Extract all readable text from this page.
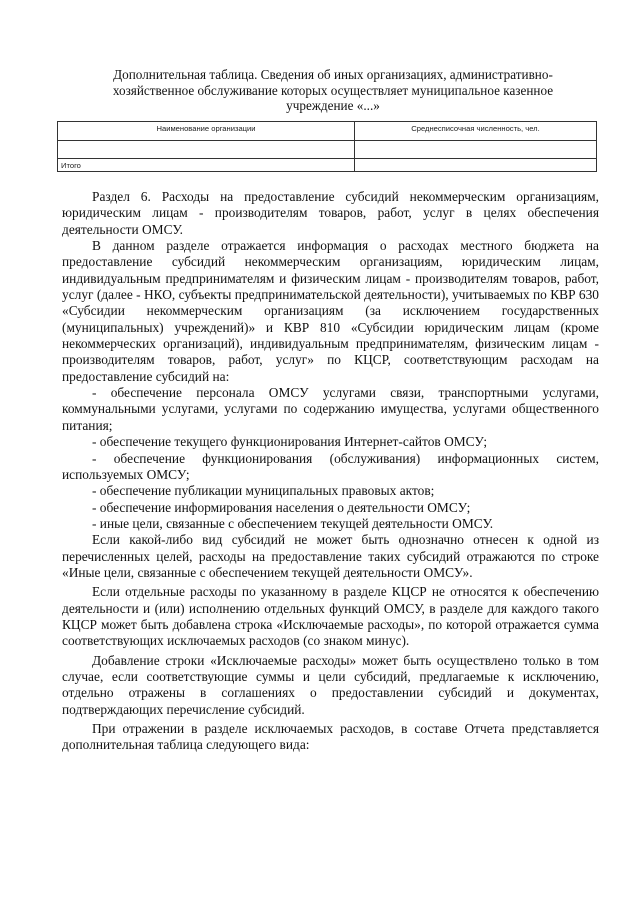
Дополнительная таблица. Сведения об иных организациях, административно-хозяйственное обслуживание которых осуществляет муниципальное казенное учреждение «...»
Наименование организации	Среднесписочная численность, чел.

Итого	

Раздел 6. Расходы на предоставление субсидий некоммерческим организациям, юридическим лицам - производителям товаров, работ, услуг в целях обеспечения деятельности ОМСУ.

В данном разделе отражается информация о расходах местного бюджета на предоставление субсидий некоммерческим организациям, юридическим лицам, индивидуальным предпринимателям и физическим лицам - производителям товаров, работ, услуг (далее - НКО, субъекты предпринимательской деятельности), учитываемых по КВР 630 «Субсидии некоммерческим организациям (за исключением государственных (муниципальных) учреждений)» и КВР 810 «Субсидии юридическим лицам (кроме некоммерческих организаций), индивидуальным предпринимателям, физическим лицам - производителям товаров, работ, услуг» по КЦСР, соответствующим расходам на предоставление субсидий на:

- обеспечение персонала ОМСУ услугами связи, транспортными услугами, коммунальными услугами, услугами по содержанию имущества, услугами общественного питания;

- обеспечение текущего функционирования Интернет-сайтов ОМСУ;

- обеспечение функционирования (обслуживания) информационных систем, используемых ОМСУ;

- обеспечение публикации муниципальных правовых актов;

- обеспечение информирования населения о деятельности ОМСУ;

- иные цели, связанные с обеспечением текущей деятельности ОМСУ.

Если какой-либо вид субсидий не может быть однозначно отнесен к одной из перечисленных целей, расходы на предоставление таких субсидий отражаются по строке «Иные цели, связанные с обеспечением текущей деятельности ОМСУ».

Если отдельные расходы по указанному в разделе КЦСР не относятся к обеспечению деятельности и (или) исполнению отдельных функций ОМСУ, в разделе для каждого такого КЦСР может быть добавлена строка «Исключаемые расходы», по которой отражается сумма соответствующих исключаемых расходов (со знаком минус).

Добавление строки «Исключаемые расходы» может быть осуществлено только в том случае, если соответствующие суммы и цели субсидий, предлагаемые к исключению, отдельно отражены в соглашениях о предоставлении субсидий и документах, подтверждающих перечисление субсидий.

При отражении в разделе исключаемых расходов, в составе Отчета представляется дополнительная таблица следующего вида:
